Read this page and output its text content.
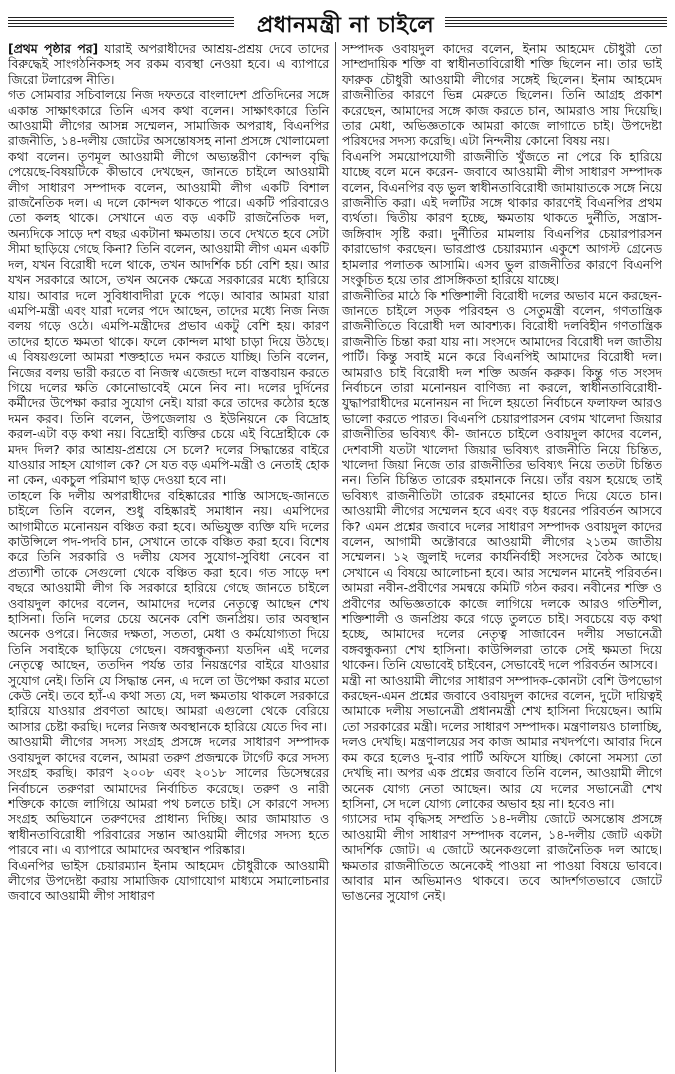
প্রধানমন্ত্রী না চাইলে

[প্রথম পৃষ্ঠার পর] যারাই অপরাধীদের আশ্রয়-প্রশ্রয় দেবে তাদের বিরুদ্ধেই সাংগঠনিকসহ সব রকম ব্যবস্থা নেওয়া হবে। এ ব্যাপারে জিরো টলারেন্স নীতি।

গত সোমবার সচিবালয়ে নিজ দফতরে বাংলাদেশ প্রতিদিনের সঙ্গে একান্ত সাক্ষাৎকারে তিনি এসব কথা বলেন। সাক্ষাৎকারে তিনি আওয়ামী লীগের আসন্ন সম্মেলন, সামাজিক অপরাধ, বিএনপির রাজনীতি, ১৪-দলীয় জোটের অসন্তোষসহ নানা প্রসঙ্গে খোলামেলা কথা বলেন। তৃণমূল আওয়ামী লীগে অভ্যন্তরীণ কোন্দল বৃদ্ধি পেয়েছে-বিষয়টিকে কীভাবে দেখছেন, জানতে চাইলে আওয়ামী লীগ সাধারণ সম্পাদক বলেন, আওয়ামী লীগ একটি বিশাল রাজনৈতিক দল। এ দলে কোন্দল থাকতে পারে। একটি পরিবারেও তো কলহ থাকে। সেখানে এত বড় একটি রাজনৈতিক দল, অন্যদিকে সাড়ে দশ বছর একটানা ক্ষমতায়। তবে দেখতে হবে সেটা সীমা ছাড়িয়ে গেছে কিনা? তিনি বলেন, আওয়ামী লীগ এমন একটি দল, যখন বিরোধী দলে থাকে, তখন আদর্শিক চর্চা বেশি হয়। আর যখন সরকারে আসে, তখন অনেক ক্ষেত্রে সরকারের মধ্যে হারিয়ে যায়। আবার দলে সুবিধাবাদীরা ঢুকে পড়ে। আবার আমরা যারা এমপি-মন্ত্রী এবং যারা দলের পদে আছেন, তাদের মধ্যে নিজ নিজ বলয় গড়ে ওঠে। এমপি-মন্ত্রীদের প্রভাব একটু বেশি হয়। কারণ তাদের হাতে ক্ষমতা থাকে। ফলে কোন্দল মাথা চাড়া দিয়ে উঠছে। এ বিষয়গুলো আমরা শক্তহাতে দমন করতে যাচ্ছি। তিনি বলেন, নিজের বলয় ভারী করতে বা নিজস্ব এজেন্ডা দলে বাস্তবায়ন করতে গিয়ে দলের ক্ষতি কোনোভাবেই মেনে নিব না। দলের দুর্দিনের কর্মীদের উপেক্ষা করার সুযোগ নেই। যারা করে তাদের কঠোর হস্তে দমন করব। তিনি বলেন, উপজেলায় ও ইউনিয়নে কে বিদ্রোহ করল-এটা বড় কথা নয়। বিদ্রোহী ব্যক্তির চেয়ে এই বিদ্রোহীকে কে মদদ দিল? কার আশ্রয়-প্রশ্রয়ে সে চলে? দলের সিদ্ধান্তের বাইরে যাওয়ার সাহস যোগাল কে? সে যত বড় এমপি-মন্ত্রী ও নেতাই হোক না কেন, একচুল পরিমাণ ছাড় দেওয়া হবে না।

তাহলে কি দলীয় অপরাধীদের বহিষ্কারের শাস্তি আসছে-জানতে চাইলে তিনি বলেন, শুধু বহিষ্কারই সমাধান নয়। এমপিদের আগামীতে মনোনয়ন বঞ্চিত করা হবে। অভিযুক্ত ব্যক্তি যদি দলের কাউন্সিলে পদ-পদবি চান, সেখানে তাকে বঞ্চিত করা হবে। বিশেষ করে তিনি সরকারি ও দলীয় যেসব সুযোগ-সুবিধা নেবেন বা প্রত্যাশী তাকে সেগুলো থেকে বঞ্চিত করা হবে। গত সাড়ে দশ বছরে আওয়ামী লীগ কি সরকারে হারিয়ে গেছে জানতে চাইলে ওবায়দুল কাদের বলেন, আমাদের দলের নেতৃত্বে আছেন শেখ হাসিনা। তিনি দলের চেয়ে অনেক বেশি জনপ্রিয়। তার অবস্থান অনেক ওপরে। নিজের দক্ষতা, সততা, মেধা ও কর্মযোগ্যতা দিয়ে তিনি সবাইকে ছাড়িয়ে গেছেন। বঙ্গবন্ধুকন্যা যতদিন এই দলের নেতৃত্বে আছেন, ততদিন পর্যন্ত তার নিয়ন্ত্রণের বাইরে যাওয়ার সুযোগ নেই। তিনি যে সিদ্ধান্ত নেন, এ দলে তা উপেক্ষা করার মতো কেউ নেই। তবে হ্যাঁ-এ কথা সত্য যে, দল ক্ষমতায় থাকলে সরকারে হারিয়ে যাওয়ার প্রবণতা আছে। আমরা এগুলো থেকে বেরিয়ে আসার চেষ্টা করছি। দলের নিজস্ব অবস্থানকে হারিয়ে যেতে দিব না।

আওয়ামী লীগের সদস্য সংগ্রহ প্রসঙ্গে দলের সাধারণ সম্পাদক ওবায়দুল কাদের বলেন, আমরা তরুণ প্রজন্মকে টার্গেট করে সদস্য সংগ্রহ করছি। কারণ ২০০৮ এবং ২০১৮ সালের ডিসেম্বরের নির্বাচনে তরুণরা আমাদের নির্বাচিত করেছে। তরুণ ও নারী শক্তিকে কাজে লাগিয়ে আমরা পথ চলতে চাই। সে কারণে সদস্য সংগ্রহ অভিযানে তরুণদের প্রাধান্য দিচ্ছি। আর জামায়াত ও স্বাধীনতাবিরোধী পরিবারের সন্তান আওয়ামী লীগের সদস্য হতে পারবে না। এ ব্যাপারে আমাদের অবস্থান পরিষ্কার।

বিএনপির ভাইস চেয়ারম্যান ইনাম আহমেদ চৌধুরীকে আওয়ামী লীগের উপদেষ্টা করায় সামাজিক যোগাযোগ মাধ্যমে সমালোচনার জবাবে আওয়ামী লীগ সাধারণ

সম্পাদক ওবায়দুল কাদের বলেন, ইনাম আহমেদ চৌধুরী তো সাম্প্রদায়িক শক্তি বা স্বাধীনতাবিরোধী শক্তি ছিলেন না। তার ভাই ফারুক চৌধুরী আওয়ামী লীগের সঙ্গেই ছিলেন। ইনাম আহমেদ রাজনীতির কারণে ভিন্ন মেরুতে ছিলেন। তিনি আগ্রহ প্রকাশ করেছেন, আমাদের সঙ্গে কাজ করতে চান, আমরাও সায় দিয়েছি। তার মেধা, অভিজ্ঞতাকে আমরা কাজে লাগাতে চাই। উপদেষ্টা পরিষদের সদস্য করেছি। এটা নিন্দনীয় কোনো বিষয় নয়।

বিএনপি সময়োপযোগী রাজনীতি খুঁজতে না পেরে কি হারিয়ে যাচ্ছে বলে মনে করেন- জবাবে আওয়ামী লীগ সাধারণ সম্পাদক বলেন, বিএনপির বড় ভুল স্বাধীনতাবিরোধী জামায়াতকে সঙ্গে নিয়ে রাজনীতি করা। এই দলটির সঙ্গে থাকার কারণেই বিএনপির প্রথম ব্যর্থতা। দ্বিতীয় কারণ হচ্ছে, ক্ষমতায় থাকতে দুর্নীতি, সন্ত্রাস-জঙ্গিবাদ সৃষ্টি করা। দুর্নীতির মামলায় বিএনপির চেয়ারপারসন কারাভোগ করছেন। ভারপ্রাপ্ত চেয়ারম্যান একুশে আগস্ট গ্রেনেড হামলার পলাতক আসামি। এসব ভুল রাজনীতির কারণে বিএনপি সংকুচিত হয়ে তার প্রাসঙ্গিকতা হারিয়ে যাচ্ছে।

রাজনীতির মাঠে কি শক্তিশালী বিরোধী দলের অভাব মনে করছেন- জানতে চাইলে সড়ক পরিবহন ও সেতুমন্ত্রী বলেন, গণতান্ত্রিক রাজনীতিতে বিরোধী দল আবশ্যক। বিরোধী দলবিহীন গণতান্ত্রিক রাজনীতি চিন্তা করা যায় না। সংসদে আমাদের বিরোধী দল জাতীয় পার্টি। কিন্তু সবাই মনে করে বিএনপিই আমাদের বিরোধী দল। আমরাও চাই বিরোধী দল শক্তি অর্জন করুক। কিন্তু গত সংসদ নির্বাচনে তারা মনোনয়ন বাণিজ্য না করলে, স্বাধীনতাবিরোধী-যুদ্ধাপরাধীদের মনোনয়ন না দিলে হয়তো নির্বাচনে ফলাফল আরও ভালো করতে পারত। বিএনপি চেয়ারপারসন বেগম খালেদা জিয়ার রাজনীতির ভবিষ্যৎ কী- জানতে চাইলে ওবায়দুল কাদের বলেন, দেশবাসী যতটা খালেদা জিয়ার ভবিষ্যৎ রাজনীতি নিয়ে চিন্তিত, খালেদা জিয়া নিজে তার রাজনীতির ভবিষ্যৎ নিয়ে ততটা চিন্তিত নন। তিনি চিন্তিত তারেক রহমানকে নিয়ে। তাঁর বয়স হয়েছে তাই ভবিষ্যৎ রাজনীতিটা তারেক রহমানের হাতে দিয়ে যেতে চান। আওয়ামী লীগের সম্মেলন হবে এবং বড় ধরনের পরিবর্তন আসবে কি? এমন প্রশ্নের জবাবে দলের সাধারণ সম্পাদক ওবায়দুল কাদের বলেন, আগামী অক্টোবরে আওয়ামী লীগের ২১তম জাতীয় সম্মেলন। ১২ জুলাই দলের কার্যনির্বাহী সংসদের বৈঠক আছে। সেখানে এ বিষয়ে আলোচনা হবে। আর সম্মেলন মানেই পরিবর্তন। আমরা নবীন-প্রবীণের সমন্বয়ে কমিটি গঠন করব। নবীনের শক্তি ও প্রবীণের অভিজ্ঞতাকে কাজে লাগিয়ে দলকে আরও গতিশীল, শক্তিশালী ও জনপ্রিয় করে গড়ে তুলতে চাই। সবচেয়ে বড় কথা হচ্ছে, আমাদের দলের নেতৃত্ব সাজাবেন দলীয় সভানেত্রী বঙ্গবন্ধুকন্যা শেখ হাসিনা। কাউন্সিলরা তাকে সেই ক্ষমতা দিয়ে থাকেন। তিনি যেভাবেই চাইবেন, সেভাবেই দলে পরিবর্তন আসবে।

মন্ত্রী না আওয়ামী লীগের সাধারণ সম্পাদক-কোনটা বেশি উপভোগ করছেন-এমন প্রশ্নের জবাবে ওবায়দুল কাদের বলেন, দুটো দায়িত্বই আমাকে দলীয় সভানেত্রী প্রধানমন্ত্রী শেখ হাসিনা দিয়েছেন। আমি তো সরকারের মন্ত্রী। দলের সাধারণ সম্পাদক। মন্ত্রণালয়ও চালাচ্ছি, দলও দেখছি। মন্ত্রণালয়ের সব কাজ আমার নখদর্পণে। আবার দিনে কম করে হলেও দু-বার পার্টি অফিসে যাচ্ছি। কোনো সমস্যা তো দেখছি না। অপর এক প্রশ্নের জবাবে তিনি বলেন, আওয়ামী লীগে অনেক যোগ্য নেতা আছেন। আর যে দলের সভানেত্রী শেখ হাসিনা, সে দলে যোগ্য লোকের অভাব হয় না। হবেও না।

গ্যাসের দাম বৃদ্ধিসহ সম্প্রতি ১৪-দলীয় জোটে অসন্তোষ প্রসঙ্গে আওয়ামী লীগ সাধারণ সম্পাদক বলেন, ১৪-দলীয় জোট একটা আদর্শিক জোট। এ জোটে অনেকগুলো রাজনৈতিক দল আছে। ক্ষমতার রাজনীতিতে অনেকেই পাওয়া না পাওয়া বিষয়ে ভাববে। আবার মান অভিমানও থাকবে। তবে আদর্শগতভাবে জোটে ভাঙনের সুযোগ নেই।
